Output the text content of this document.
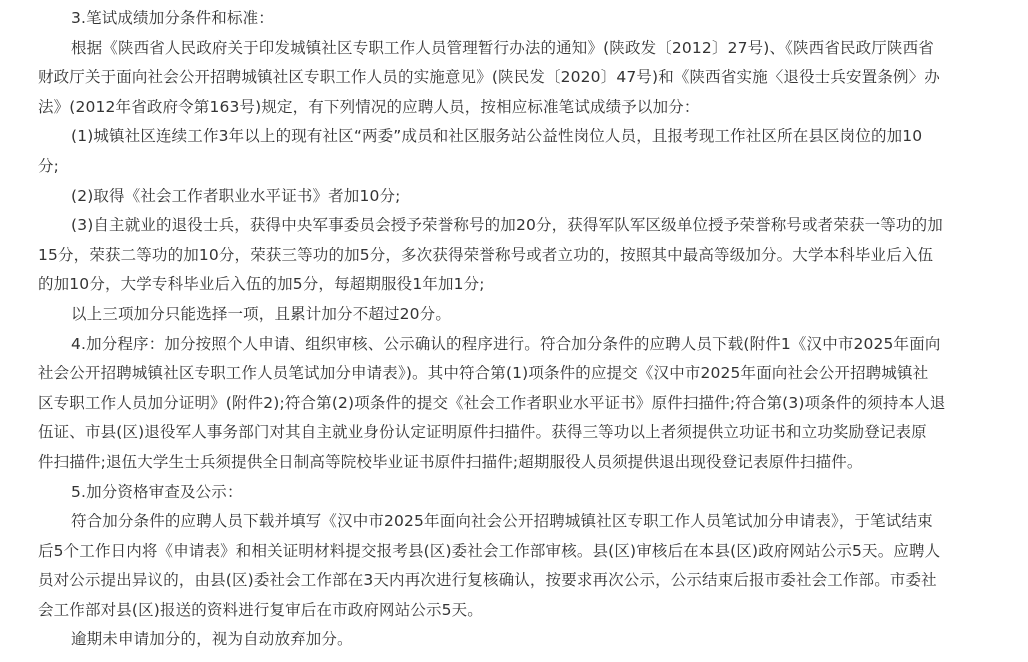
3.笔试成绩加分条件和标准：
根据《陕西省人民政府关于印发城镇社区专职工作人员管理暂行办法的通知》(陕政发〔2012〕27号)、《陕西省民政厅陕西省
财政厅关于面向社会公开招聘城镇社区专职工作人员的实施意见》(陕民发〔2020〕47号)和《陕西省实施〈退役士兵安置条例〉办
法》(2012年省政府令第163号)规定，有下列情况的应聘人员，按相应标准笔试成绩予以加分：
(1)城镇社区连续工作3年以上的现有社区“两委”成员和社区服务站公益性岗位人员，且报考现工作社区所在县区岗位的加10
分;
(2)取得《社会工作者职业水平证书》者加10分;
(3)自主就业的退役士兵，获得中央军事委员会授予荣誉称号的加20分，获得军队军区级单位授予荣誉称号或者荣获一等功的加
15分，荣获二等功的加10分，荣获三等功的加5分，多次获得荣誉称号或者立功的，按照其中最高等级加分。大学本科毕业后入伍
的加10分，大学专科毕业后入伍的加5分，每超期服役1年加1分;
以上三项加分只能选择一项，且累计加分不超过20分。
4.加分程序：加分按照个人申请、组织审核、公示确认的程序进行。符合加分条件的应聘人员下载(附件1《汉中市2025年面向
社会公开招聘城镇社区专职工作人员笔试加分申请表》)。其中符合第(1)项条件的应提交《汉中市2025年面向社会公开招聘城镇社
区专职工作人员加分证明》(附件2);符合第(2)项条件的提交《社会工作者职业水平证书》原件扫描件;符合第(3)项条件的须持本人退
伍证、市县(区)退役军人事务部门对其自主就业身份认定证明原件扫描件。获得三等功以上者须提供立功证书和立功奖励登记表原
件扫描件;退伍大学生士兵须提供全日制高等院校毕业证书原件扫描件;超期服役人员须提供退出现役登记表原件扫描件。
5.加分资格审查及公示：
符合加分条件的应聘人员下载并填写《汉中市2025年面向社会公开招聘城镇社区专职工作人员笔试加分申请表》，于笔试结束
后5个工作日内将《申请表》和相关证明材料提交报考县(区)委社会工作部审核。县(区)审核后在本县(区)政府网站公示5天。应聘人
员对公示提出异议的，由县(区)委社会工作部在3天内再次进行复核确认，按要求再次公示，公示结束后报市委社会工作部。市委社
会工作部对县(区)报送的资料进行复审后在市政府网站公示5天。
逾期未申请加分的，视为自动放弃加分。
